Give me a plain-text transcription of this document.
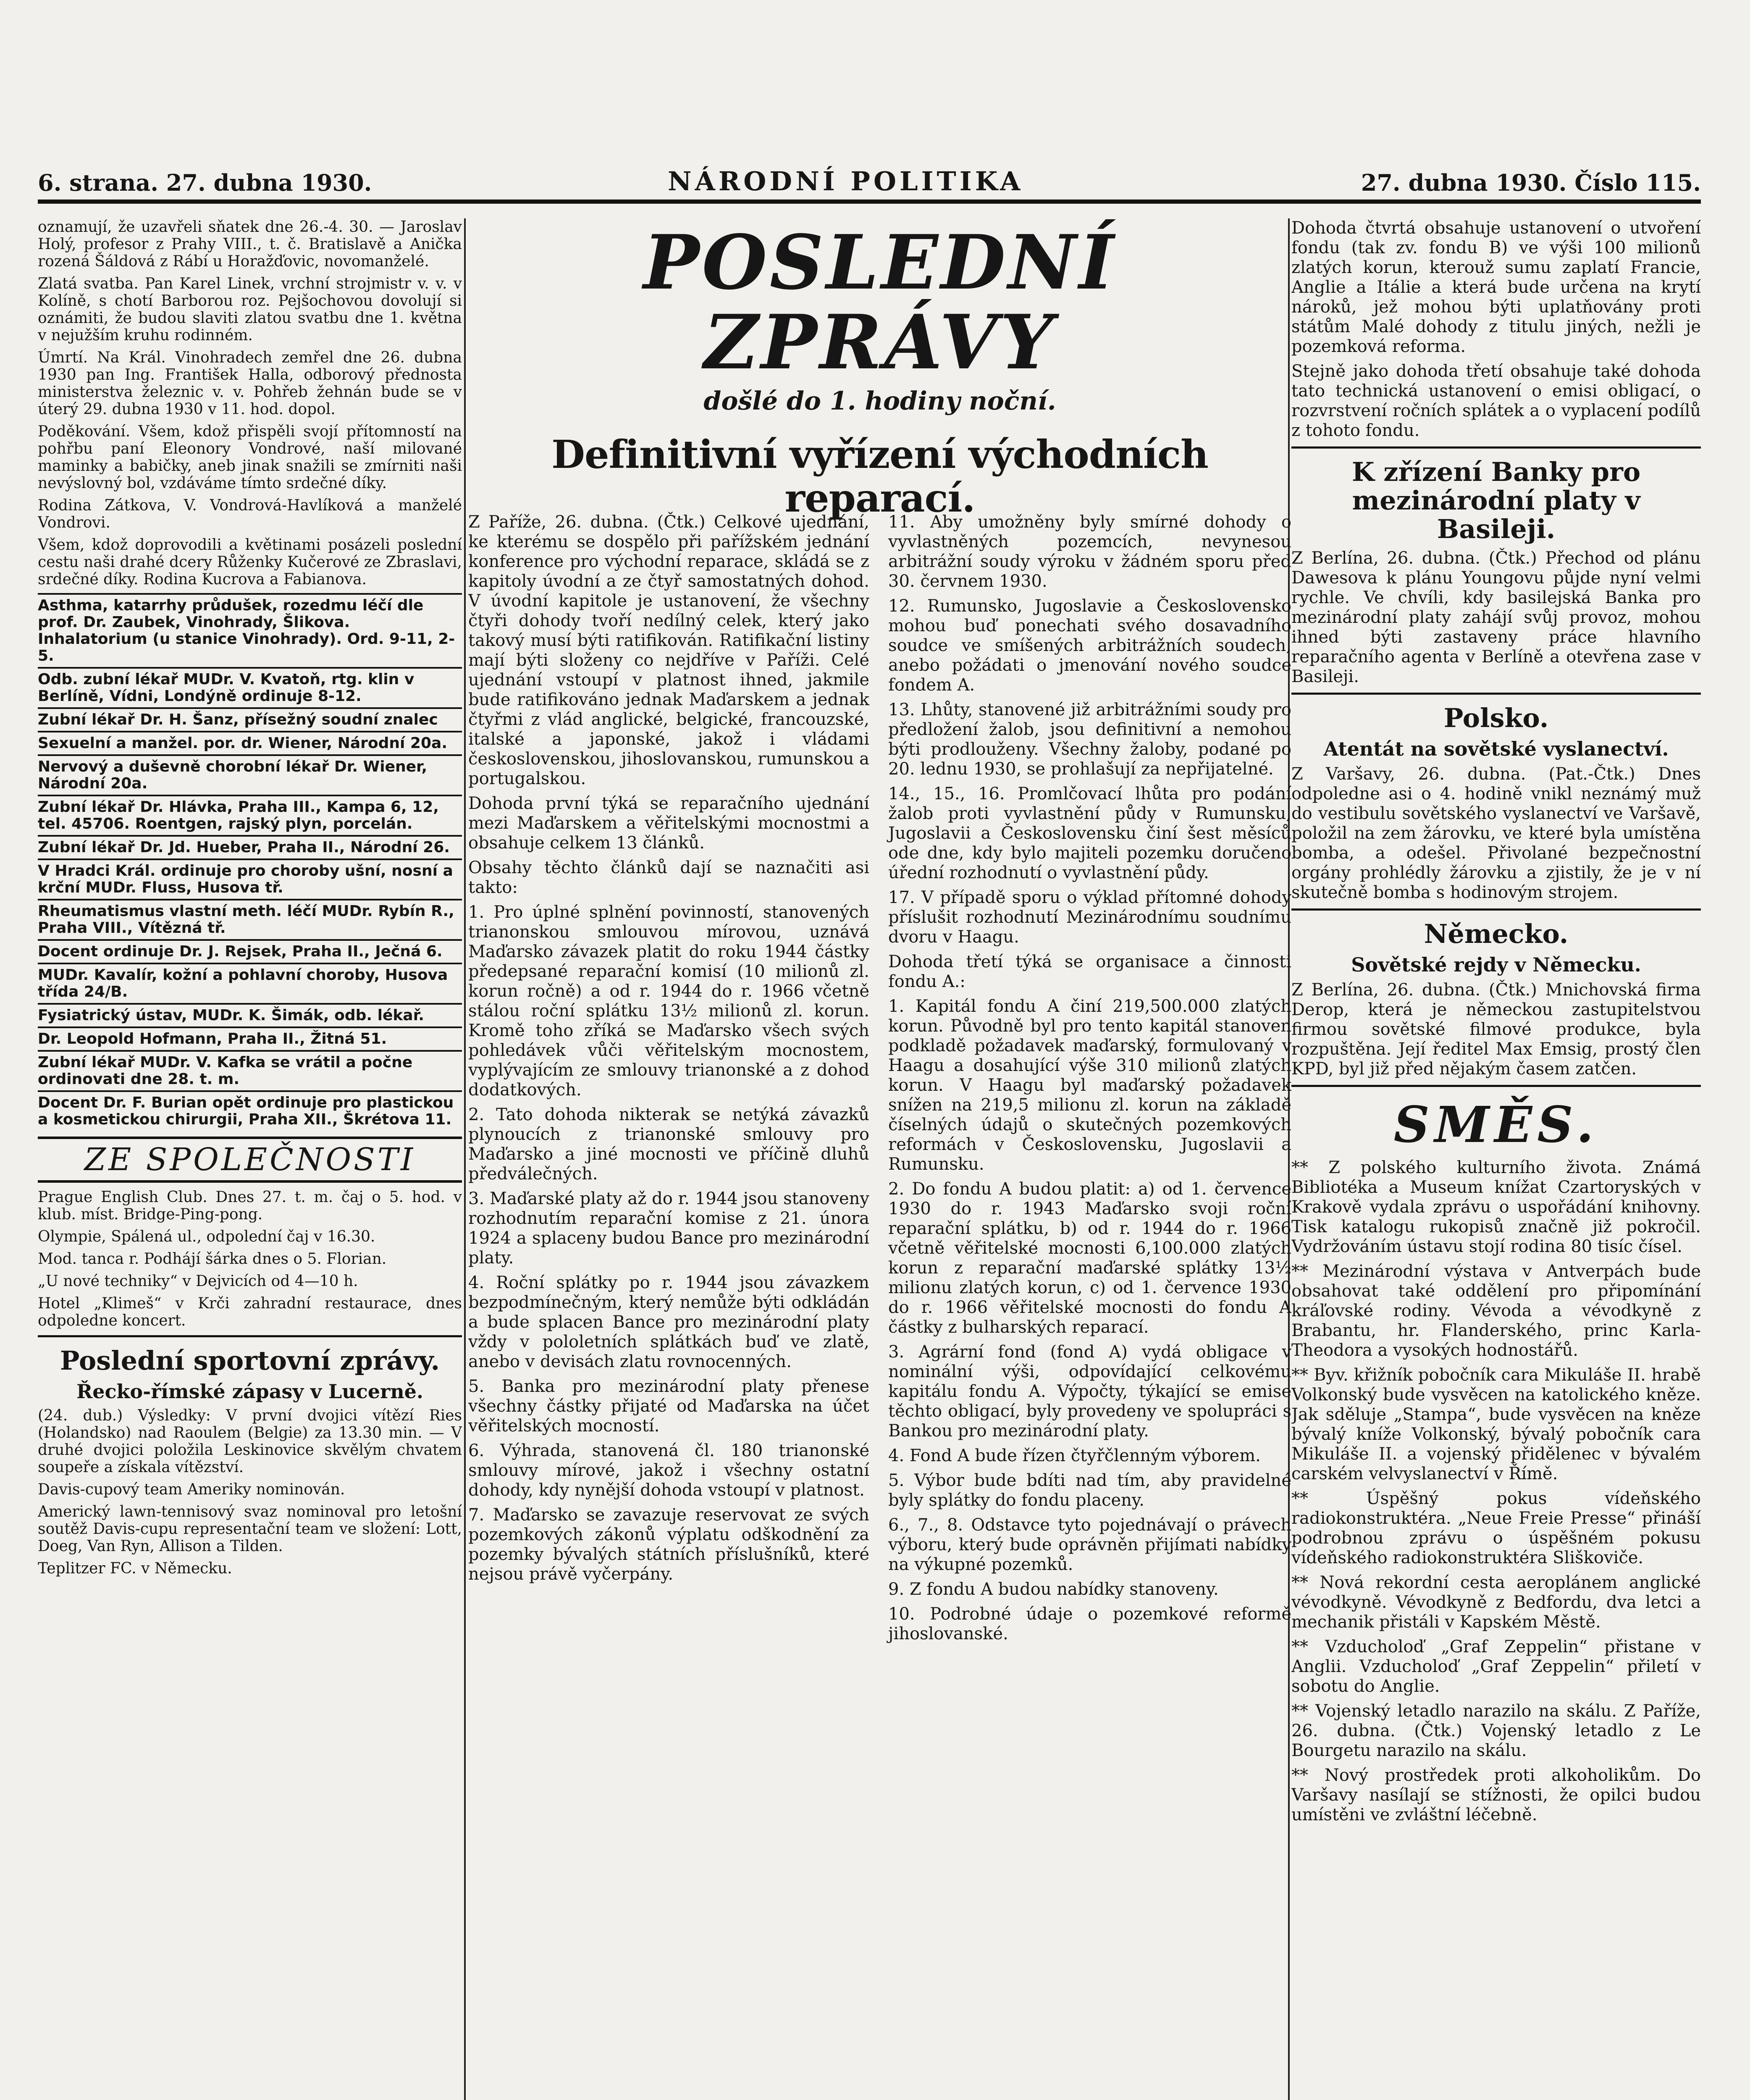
6. strana. 27. dubna 1930.	NÁRODNÍ POLITIKA	27. dubna 1930. Číslo 115.

oznamují, že uzavřeli sňatek dne 26.-4. 30. — Jaroslav Holý, profesor z Prahy VIII., t. č. Bratislavě a Anička rozená Šáldová z Rábí u Horažďovic, novomanželé.

Zlatá svatba. Pan Karel Linek, vrchní strojmistr v. v. v Kolíně, s chotí Barborou roz. Pejšochovou dovolují si oznámiti, že budou slaviti zlatou svatbu dne 1. května v nejužším kruhu rodinném.

Úmrtí. Na Král. Vinohradech zemřel dne 26. dubna 1930 pan Ing. František Halla, odborový přednosta ministerstva železnic v. v. Pohřeb žehnán bude se v úterý 29. dubna 1930 v 11. hod. dopol.

Poděkování. Všem, kdož přispěli svojí přítomností na pohřbu paní Eleonory Vondrové, naší milované maminky a babičky, aneb jinak snažili se zmírniti naši nevýslovný bol, vzdáváme tímto srdečné díky.

Rodina Zátkova, V. Vondrová-Havlíková a manželé Vondrovi.

Všem, kdož doprovodili a květinami posázeli poslední cestu naši drahé dcery Růženky Kučerové ze Zbraslavi, srdečné díky. Rodina Kucrova a Fabianova.

Asthma, katarrhy průdušek, rozedmu léčí dle prof. Dr. Zaubek, Vinohrady, Šlikova. Inhalatorium (u stanice Vinohrady). Ord. 9-11, 2-5.
Odb. zubní lékař MUDr. V. Kvatoň, rtg. klin v Berlíně, Vídni, Londýně ordinuje 8-12.
Zubní lékař Dr. H. Šanz, přísežný soudní znalec
Sexuelní a manžel. por. dr. Wiener, Národní 20a.
Nervový a duševně chorobní lékař Dr. Wiener, Národní 20a.
Zubní lékař Dr. Hlávka, Praha III., Kampa 6, 12, tel. 45706. Roentgen, rajský plyn, porcelán.
Zubní lékař Dr. Jd. Hueber, Praha II., Národní 26.
V Hradci Král. ordinuje pro choroby ušní, nosní a krční MUDr. Fluss, Husova tř.
Rheumatismus vlastní meth. léčí MUDr. Rybín R., Praha VIII., Vítězná tř.
Docent ordinuje Dr. J. Rejsek, Praha II., Ječná 6.
MUDr. Kavalír, kožní a pohlavní choroby, Husova třída 24/B.
Fysiatrický ústav, MUDr. K. Šimák, odb. lékař.
Dr. Leopold Hofmann, Praha II., Žitná 51.
Zubní lékař MUDr. V. Kafka se vrátil a počne ordinovati dne 28. t. m.
Docent Dr. F. Burian opět ordinuje pro plastickou a kosmetickou chirurgii, Praha XII., Škrétova 11.
ZE SPOLEČNOSTI

Prague English Club. Dnes 27. t. m. čaj o 5. hod. v klub. míst. Bridge-Ping-pong.

Olympie, Spálená ul., odpolední čaj v 16.30.

Mod. tanca r. Podhájí šárka dnes o 5. Florian.

„U nové techniky“ v Dejvicích od 4—10 h.

Hotel „Klimeš“ v Krči zahradní restaurace, dnes odpoledne koncert.

Poslední sportovní zprávy.
Řecko-římské zápasy v Lucerně.

(24. dub.) Výsledky: V první dvojici vítězí Ries (Holandsko) nad Raoulem (Belgie) za 13.30 min. — V druhé dvojici položila Leskinovice skvělým chvatem soupeře a získala vítězství.

Davis-cupový team Ameriky nominován.

Americký lawn-tennisový svaz nominoval pro letošní soutěž Davis-cupu representační team ve složení: Lott, Doeg, Van Ryn, Allison a Tilden.

Teplitzer FC. v Německu.

POSLEDNÍ ZPRÁVY
došlé do 1. hodiny noční.
Definitivní vyřízení východních reparací.

Z Paříže, 26. dubna. (Čtk.) Celkové ujednání, ke kterému se dospělo při pařížském jednání konference pro východní reparace, skládá se z kapitoly úvodní a ze čtyř samostatných dohod. V úvodní kapitole je ustanovení, že všechny čtyři dohody tvoří nedílný celek, který jako takový musí býti ratifikován. Ratifikační listiny mají býti složeny co nejdříve v Paříži. Celé ujednání vstoupí v platnost ihned, jakmile bude ratifikováno jednak Maďarskem a jednak čtyřmi z vlád anglické, belgické, francouzské, italské a japonské, jakož i vládami československou, jihoslovanskou, rumunskou a portugalskou.

Dohoda první týká se reparačního ujednání mezi Maďarskem a věřitelskými mocnostmi a obsahuje celkem 13 článků.

Obsahy těchto článků dají se naznačiti asi takto:

1. Pro úplné splnění povinností, stanovených trianonskou smlouvou mírovou, uznává Maďarsko závazek platit do roku 1944 částky předepsané reparační komisí (10 milionů zl. korun ročně) a od r. 1944 do r. 1966 včetně stálou roční splátku 13½ milionů zl. korun. Kromě toho zříká se Maďarsko všech svých pohledávek vůči věřitelským mocnostem, vyplývajícím ze smlouvy trianonské a z dohod dodatkových.

2. Tato dohoda nikterak se netýká závazků plynoucích z trianonské smlouvy pro Maďarsko a jiné mocnosti ve příčině dluhů předválečných.

3. Maďarské platy až do r. 1944 jsou stanoveny rozhodnutím reparační komise z 21. února 1924 a splaceny budou Bance pro mezinárodní platy.

4. Roční splátky po r. 1944 jsou závazkem bezpodmínečným, který nemůže býti odkládán a bude splacen Bance pro mezinárodní platy vždy v pololetních splátkách buď ve zlatě, anebo v devisách zlatu rovnocenných.

5. Banka pro mezinárodní platy přenese všechny částky přijaté od Maďarska na účet věřitelských mocností.

6. Výhrada, stanovená čl. 180 trianonské smlouvy mírové, jakož i všechny ostatní dohody, kdy nynější dohoda vstoupí v platnost.

7. Maďarsko se zavazuje reservovat ze svých pozemkových zákonů výplatu odškodnění za pozemky bývalých státních příslušníků, které nejsou právě vyčerpány.

11. Aby umožněny byly smírné dohody o vyvlastněných pozemcích, nevynesou arbitrážní soudy výroku v žádném sporu před 30. červnem 1930.

12. Rumunsko, Jugoslavie a Československo mohou buď ponechati svého dosavadního soudce ve smíšených arbitrážních soudech, anebo požádati o jmenování nového soudce fondem A.

13. Lhůty, stanovené již arbitrážními soudy pro předložení žalob, jsou definitivní a nemohou býti prodlouženy. Všechny žaloby, podané po 20. lednu 1930, se prohlašují za nepřijatelné.

14., 15., 16. Promlčovací lhůta pro podání žalob proti vyvlastnění půdy v Rumunsku, Jugoslavii a Československu činí šest měsíců ode dne, kdy bylo majiteli pozemku doručeno úřední rozhodnutí o vyvlastnění půdy.

17. V případě sporu o výklad přítomné dohody příslušit rozhodnutí Mezinárodnímu soudnímu dvoru v Haagu.

Dohoda třetí týká se organisace a činnosti fondu A.:

1. Kapitál fondu A činí 219,500.000 zlatých korun. Původně byl pro tento kapitál stanoven podkladě požadavek maďarský, formulovaný v Haagu a dosahující výše 310 milionů zlatých korun. V Haagu byl maďarský požadavek snížen na 219,5 milionu zl. korun na základě číselných údajů o skutečných pozemkových reformách v Československu, Jugoslavii a Rumunsku.

2. Do fondu A budou platit: a) od 1. července 1930 do r. 1943 Maďarsko svoji roční reparační splátku, b) od r. 1944 do r. 1966 včetně věřitelské mocnosti 6,100.000 zlatých korun z reparační maďarské splátky 13½ milionu zlatých korun, c) od 1. července 1930 do r. 1966 věřitelské mocnosti do fondu A částky z bulharských reparací.

3. Agrární fond (fond A) vydá obligace v nominální výši, odpovídající celkovému kapitálu fondu A. Výpočty, týkající se emise těchto obligací, byly provedeny ve spolupráci s Bankou pro mezinárodní platy.

4. Fond A bude řízen čtyřčlenným výborem.

5. Výbor bude bdíti nad tím, aby pravidelné byly splátky do fondu placeny.

6., 7., 8. Odstavce tyto pojednávají o právech výboru, který bude oprávněn přijímati nabídky na výkupné pozemků.

9. Z fondu A budou nabídky stanoveny.

10. Podrobné údaje o pozemkové reformě jihoslovanské.

Dohoda čtvrtá obsahuje ustanovení o utvoření fondu (tak zv. fondu B) ve výši 100 milionů zlatých korun, kterouž sumu zaplatí Francie, Anglie a Itálie a která bude určena na krytí nároků, jež mohou býti uplatňovány proti státům Malé dohody z titulu jiných, nežli je pozemková reforma.

Stejně jako dohoda třetí obsahuje také dohoda tato technická ustanovení o emisi obligací, o rozvrstvení ročních splátek a o vyplacení podílů z tohoto fondu.

K zřízení Banky pro mezinárodní platy v Basileji.

Z Berlína, 26. dubna. (Čtk.) Přechod od plánu Dawesova k plánu Youngovu půjde nyní velmi rychle. Ve chvíli, kdy basilejská Banka pro mezinárodní platy zahájí svůj provoz, mohou ihned býti zastaveny práce hlavního reparačního agenta v Berlíně a otevřena zase v Basileji.

Polsko.
Atentát na sovětské vyslanectví.

Z Varšavy, 26. dubna. (Pat.-Čtk.) Dnes odpoledne asi o 4. hodině vnikl neznámý muž do vestibulu sovětského vyslanectví ve Varšavě, položil na zem žárovku, ve které byla umístěna bomba, a odešel. Přivolané bezpečnostní orgány prohlédly žárovku a zjistily, že je v ní skutečně bomba s hodinovým strojem.

Německo.
Sovětské rejdy v Německu.

Z Berlína, 26. dubna. (Čtk.) Mnichovská firma Derop, která je německou zastupitelstvou firmou sovětské filmové produkce, byla rozpuštěna. Její ředitel Max Emsig, prostý člen KPD, byl již před nějakým časem zatčen.

SMĚS.

** Z polského kulturního života. Známá Bibliotéka a Museum knížat Czartoryských v Krakově vydala zprávu o uspořádání knihovny. Tisk katalogu rukopisů značně již pokročil. Vydržováním ústavu stojí rodina 80 tisíc čísel.

** Mezinárodní výstava v Antverpách bude obsahovat také oddělení pro připomínání kráľovské rodiny. Vévoda a vévodkyně z Brabantu, hr. Flanderského, princ Karla-Theodora a vysokých hodnostářů.

** Byv. křižník pobočník cara Mikuláše II. hrabě Volkonský bude vysvěcen na katolického kněze. Jak sděluje „Stampa“, bude vysvěcen na kněze bývalý kníže Volkonský, bývalý pobočník cara Mikuláše II. a vojenský přidělenec v bývalém carském velvyslanectví v Římě.

** Úspěšný pokus vídeňského radiokonstruktéra. „Neue Freie Presse“ přináší podrobnou zprávu o úspěšném pokusu vídeňského radiokonstruktéra Sliškoviče.

** Nová rekordní cesta aeroplánem anglické vévodkyně. Vévodkyně z Bedfordu, dva letci a mechanik přistáli v Kapském Městě.

** Vzducholoď „Graf Zeppelin“ přistane v Anglii. Vzducholoď „Graf Zeppelin“ přiletí v sobotu do Anglie.

** Vojenský letadlo narazilo na skálu. Z Paříže, 26. dubna. (Čtk.) Vojenský letadlo z Le Bourgetu narazilo na skálu.

** Nový prostředek proti alkoholikům. Do Varšavy nasílají se stížnosti, že opilci budou umístěni ve zvláštní léčebně.
